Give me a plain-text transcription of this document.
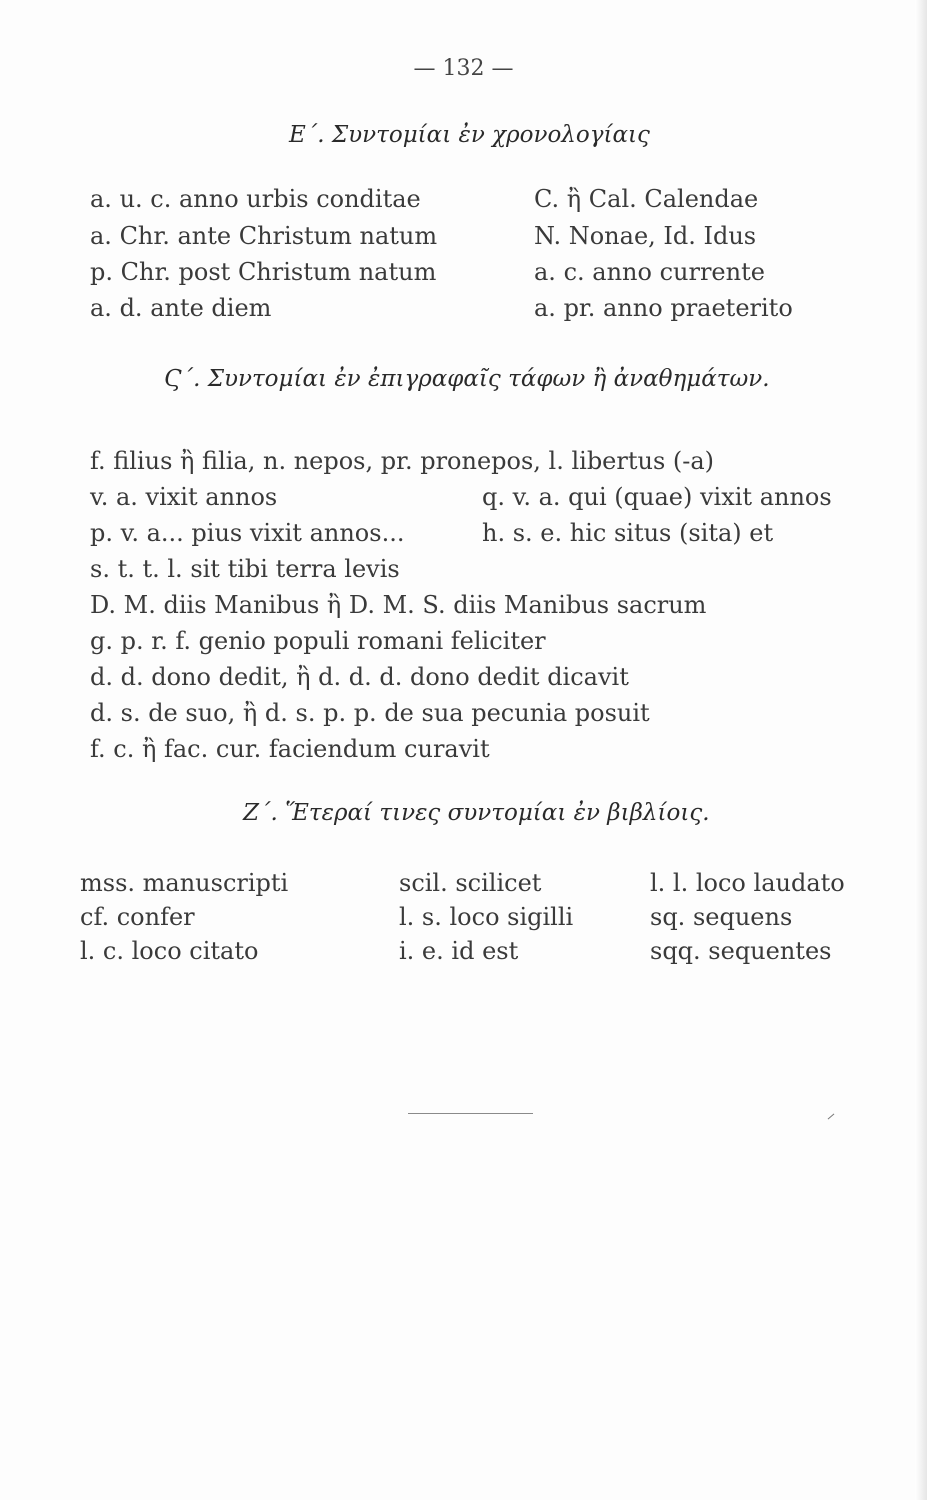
— 132 —
Ε΄. Συντομίαι ἐν χρονολογίαις
a. u. c. anno urbis conditae
a. Chr. ante Christum natum
p. Chr. post Christum natum
a. d. ante diem
C. ἢ Cal. Calendae
N. Nonae, Id. Idus
a. c. anno currente
a. pr. anno praeterito
Ϛ΄. Συντομίαι ἐν ἐπιγραφαῖς τάφων ἢ ἀναθημάτων.
f. filius ἢ filia, n. nepos, pr. pronepos, l. libertus (-a)
v. a. vixit annos	q. v. a. qui (quae) vixit annos
p. v. a... pius vixit annos...	h. s. e. hic situs (sita) et
s. t. t. l. sit tibi terra levis
D. M. diis Manibus ἢ D. M. S. diis Manibus sacrum
g. p. r. f. genio populi romani feliciter
d. d. dono dedit, ἢ d. d. d. dono dedit dicavit
d. s. de suo, ἢ d. s. p. p. de sua pecunia posuit
f. c. ἢ fac. cur. faciendum curavit
Ζ΄. Ἕτεραί τινες συντομίαι ἐν βιβλίοις.
mss. manuscripti
cf. confer
l. c. loco citato
scil. scilicet
l. s. loco sigilli
i. e. id est
l. l. loco laudato
sq. sequens
sqq. sequentes
